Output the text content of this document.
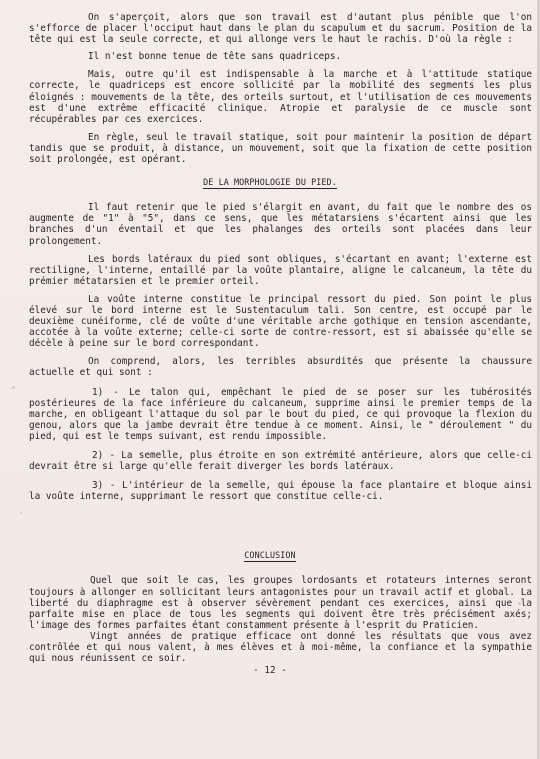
On s'aperçoit, alors que son travail est d'autant plus pénible que l'on s'efforce de placer l'occiput haut dans le plan du scapulum et du sacrum. Position de la tête qui est la seule correcte, et qui allonge vers le haut le rachis. D'où la règle :

Il n'est bonne tenue de tête sans quadriceps.

Mais, outre qu'il est indispensable à la marche et à l'attitude statique correcte, le quadriceps est encore sollicité par la mobilité des segments les plus éloignés : mouvements de la tête, des orteils surtout, et l'utilisation de ces mouvements est d'une extrême efficacité clinique. Atropie et paralysie de ce muscle sont récupérables par ces exercices.

En règle, seul le travail statique, soit pour maintenir la position de départ tandis que se produit, à distance, un mouvement, soit que la fixation de cette position soit prolongée, est opérant.

DE LA MORPHOLOGIE DU PIED.

Il faut retenir que le pied s'élargit en avant, du fait que le nombre des os augmente de "1" à "5", dans ce sens, que les métatarsiens s'écartent ainsi que les branches d'un éventail et que les phalanges des orteils sont placées dans leur prolongement.

Les bords latéraux du pied sont obliques, s'écartant en avant; l'externe est rectiligne, l'interne, entaillé par la voûte plantaire, aligne le calcaneum, la tête du prémier métatarsien et le premier orteil.

La voûte interne constitue le principal ressort du pied. Son point le plus élevé sur le bord interne est le Sustentaculum tali. Son centre, est occupé par le deuxième cunéiforme, clé de voûte d'une véritable arche gothique en tension ascendante, accotée à la voûte externe; celle-ci sorte de contre-ressort, est si abaissée qu'elle se décèle à peine sur le bord correspondant.

On comprend, alors, les terribles absurdités que présente la chaussure actuelle et qui sont :

1) - Le talon qui, empêchant le pied de se poser sur les tubérosités postérieures de la face inférieure du calcaneum, supprime ainsi le premier temps de la marche, en obligeant l'attaque du sol par le bout du pied, ce qui provoque la flexion du genou, alors que la jambe devrait être tendue à ce moment. Ainsi, le " déroulement " du pied, qui est le temps suivant, est rendu impossible.

2) - La semelle, plus étroite en son extrémité antérieure, alors que celle-ci devrait être si large qu'elle ferait diverger les bords latéraux.

3) - L'intérieur de la semelle, qui épouse la face plantaire et bloque ainsi la voûte interne, supprimant le ressort que constitue celle-ci.

CONCLUSION

Quel que soit le cas, les groupes lordosants et rotateurs internes seront toujours à allonger en sollicitant leurs antagonistes pour un travail actif et global. La liberté du diaphragme est à observer sévèrement pendant ces exercices, ainsi que la parfaite mise en place de tous les segments qui doivent être très précisément axés; l'image des formes parfaites étant constamment présente à l'esprit du Praticien.

Vingt années de pratique efficace ont donné les résultats que vous avez contrôlée et qui nous valent, à mes élèves et à moi-même, la confiance et la sympathie qui nous réunissent ce soir.

- 12 -
